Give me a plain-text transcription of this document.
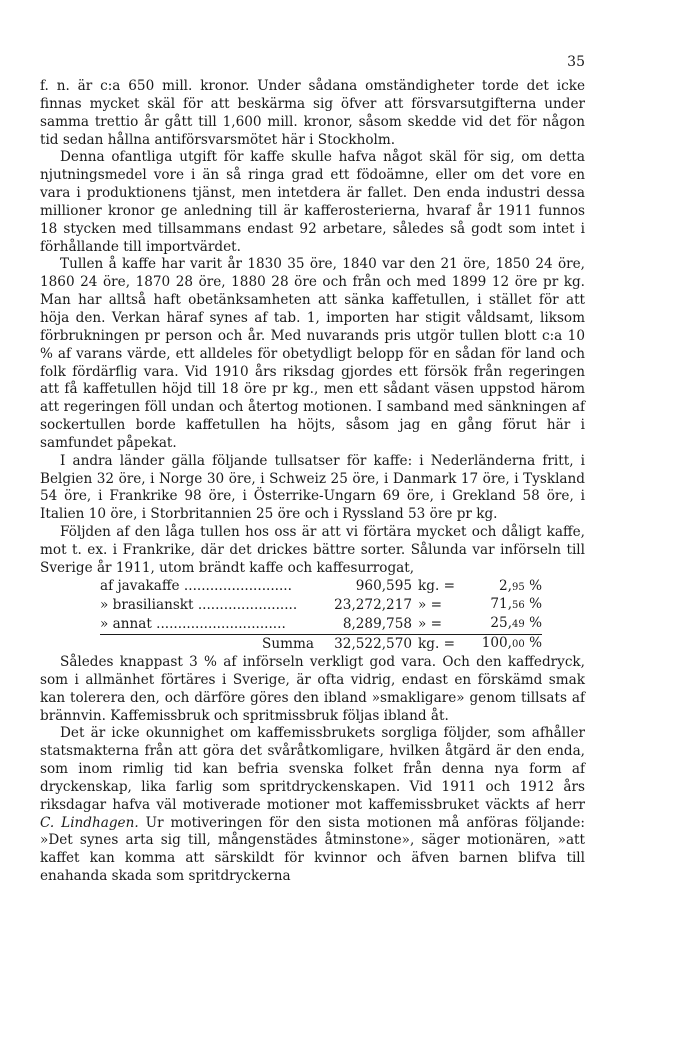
35

f. n. är c:a 650 mill. kronor. Under sådana omständigheter torde det icke finnas mycket skäl för att beskärma sig öfver att försvarsutgifterna under samma trettio år gått till 1,600 mill. kronor, såsom skedde vid det för någon tid sedan hållna antiförsvarsmötet här i Stockholm.

Denna ofantliga utgift för kaffe skulle hafva något skäl för sig, om detta njutningsmedel vore i än så ringa grad ett födoämne, eller om det vore en vara i produktionens tjänst, men intetdera är fallet. Den enda industri dessa millioner kronor ge anledning till är kafferosterierna, hvaraf år 1911 funnos 18 stycken med tillsammans endast 92 arbetare, således så godt som intet i förhållande till importvärdet.

Tullen å kaffe har varit år 1830 35 öre, 1840 var den 21 öre, 1850 24 öre, 1860 24 öre, 1870 28 öre, 1880 28 öre och från och med 1899 12 öre pr kg. Man har alltså haft obetänksamheten att sänka kaffetullen, i stället för att höja den. Verkan häraf synes af tab. 1, importen har stigit våldsamt, liksom förbrukningen pr person och år. Med nuvarands pris utgör tullen blott c:a 10 % af varans värde, ett alldeles för obetydligt belopp för en sådan för land och folk fördärflig vara. Vid 1910 års riksdag gjordes ett försök från regeringen att få kaffetullen höjd till 18 öre pr kg., men ett sådant väsen uppstod härom att regeringen föll undan och återtog motionen. I samband med sänkningen af sockertullen borde kaffetullen ha höjts, såsom jag en gång förut här i samfundet påpekat.

I andra länder gälla följande tullsatser för kaffe: i Nederländerna fritt, i Belgien 32 öre, i Norge 30 öre, i Schweiz 25 öre, i Danmark 17 öre, i Tyskland 54 öre, i Frankrike 98 öre, i Österrike-Ungarn 69 öre, i Grekland 58 öre, i Italien 10 öre, i Storbritannien 25 öre och i Ryssland 53 öre pr kg.

Följden af den låga tullen hos oss är att vi förtära mycket och dåligt kaffe, mot t. ex. i Frankrike, där det drickes bättre sorter. Sålunda var införseln till Sverige år 1911, utom brändt kaffe och kaffesurrogat,

af javakaffe .........................	960,595	kg. =	2,95 %
» brasilianskt .......................	23,272,217	» =	71,56 %
» annat ..............................	8,289,758	» =	25,49 %
Summa	32,522,570	kg. =	100,00 %

Således knappast 3 % af införseln verkligt god vara. Och den kaffedryck, som i allmänhet förtäres i Sverige, är ofta vidrig, endast en förskämd smak kan tolerera den, och därföre göres den ibland »smakligare» genom tillsats af brännvin. Kaffemissbruk och spritmissbruk följas ibland åt.

Det är icke okunnighet om kaffemissbrukets sorgliga följder, som afhåller statsmakterna från att göra det svåråtkomligare, hvilken åtgärd är den enda, som inom rimlig tid kan befria svenska folket från denna nya form af dryckenskap, lika farlig som spritdryckenskapen. Vid 1911 och 1912 års riksdagar hafva väl motiverade motioner mot kaffemissbruket väckts af herr C. Lindhagen. Ur motiveringen för den sista motionen må anföras följande: »Det synes arta sig till, mångenstädes åtminstone», säger motionären, »att kaffet kan komma att särskildt för kvinnor och äfven barnen blifva till enahanda skada som spritdryckerna
